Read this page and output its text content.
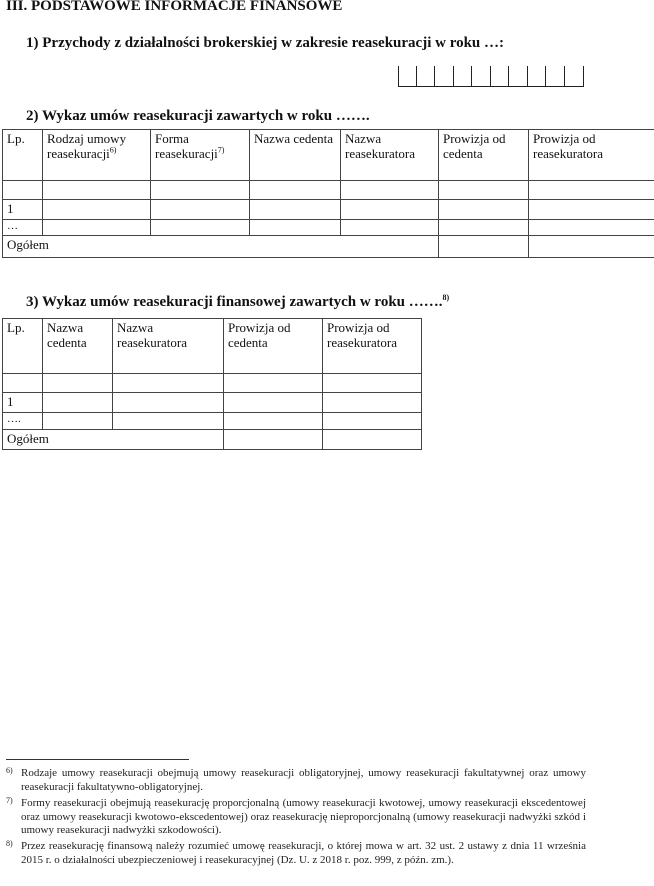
III. PODSTAWOWE INFORMACJE FINANSOWE
1) Przychody z działalności brokerskiej w zakresie reasekuracji w roku …:
2) Wykaz umów reasekuracji zawartych w roku …….
Lp.	Rodzaj umowy reasekuracji$^{6)}$	Forma reasekuracji$^{7)}$	Nazwa cedenta	Nazwa reasekuratora	Prowizja od cedenta	Prowizja od reasekuratora

1						
…						
Ogółem						
3) Wykaz umów reasekuracji finansowej zawartych w roku …….$^{8)}$
Lp.	Nazwa cedenta	Nazwa reasekuratora	Prowizja od cedenta	Prowizja od reasekuratora

1				
….				
Ogółem				
6) Rodzaje umowy reasekuracji obejmują umowy reasekuracji obligatoryjnej, umowy reasekuracji fakultatywnej oraz umowy reasekuracji fakultatywno-obligatoryjnej.
7) Formy reasekuracji obejmują reasekurację proporcjonalną (umowy reasekuracji kwotowej, umowy reasekuracji ekscedentowej oraz umowy reasekuracji kwotowo-ekscedentowej) oraz reasekurację nieproporcjonalną (umowy reasekuracji nadwyżki szkód i umowy reasekuracji nadwyżki szkodowości).
8) Przez reasekurację finansową należy rozumieć umowę reasekuracji, o której mowa w art. 32 ust. 2 ustawy z dnia 11 września 2015 r. o działalności ubezpieczeniowej i reasekuracyjnej (Dz. U. z 2018 r. poz. 999, z późn. zm.).
